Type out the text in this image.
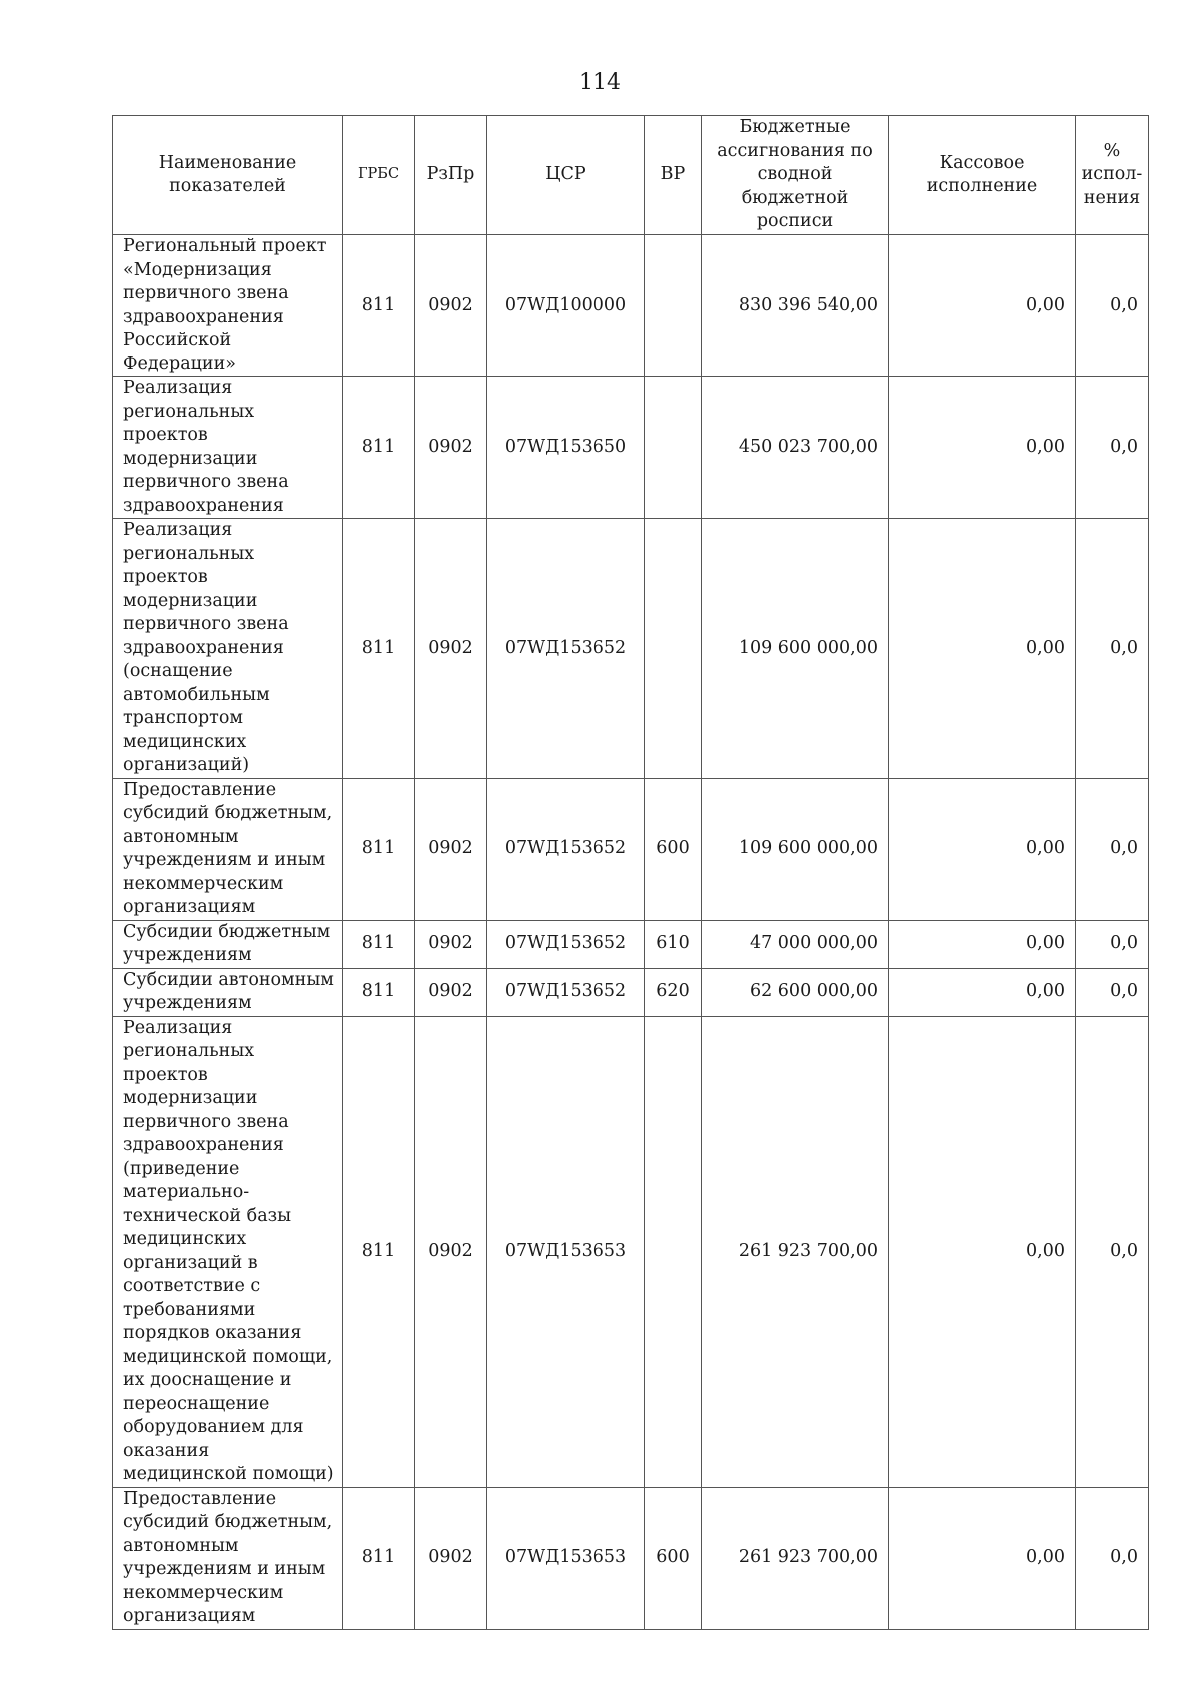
114
Наименование показателей	ГРБС	РзПр	ЦСР	ВР	Бюджетные ассигнования по сводной бюджетной росписи	Кассовое исполнение	% испол-нения
Региональный проект «Модернизация первичного звена здравоохранения Российской Федерации»	811	0902	07WД100000		830 396 540,00	0,00	0,0
Реализация региональных проектов модернизации первичного звена здравоохранения	811	0902	07WД153650		450 023 700,00	0,00	0,0
Реализация региональных проектов модернизации первичного звена здравоохранения (оснащение автомобильным транспортом медицинских организаций)	811	0902	07WД153652		109 600 000,00	0,00	0,0
Предоставление субсидий бюджетным, автономным учреждениям и иным некоммерческим организациям	811	0902	07WД153652	600	109 600 000,00	0,00	0,0
Субсидии бюджетным учреждениям	811	0902	07WД153652	610	47 000 000,00	0,00	0,0
Субсидии автономным учреждениям	811	0902	07WД153652	620	62 600 000,00	0,00	0,0
Реализация региональных проектов модернизации первичного звена здравоохранения (приведение материально-технической базы медицинских организаций в соответствие с требованиями порядков оказания медицинской помощи, их дооснащение и переоснащение оборудованием для оказания медицинской помощи)	811	0902	07WД153653		261 923 700,00	0,00	0,0
Предоставление субсидий бюджетным, автономным учреждениям и иным некоммерческим организациям	811	0902	07WД153653	600	261 923 700,00	0,00	0,0
